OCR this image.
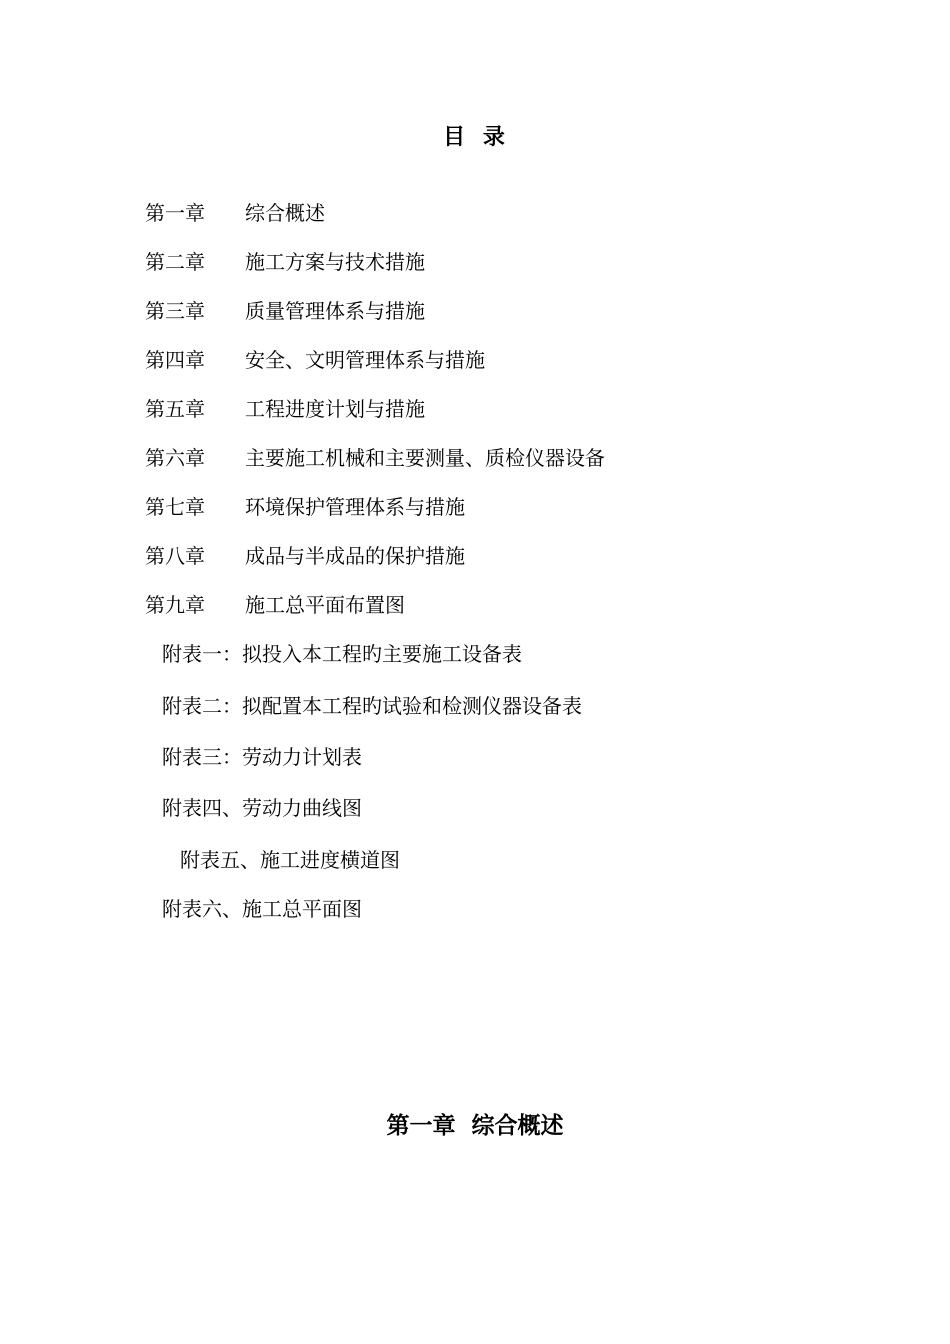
目 录
第一章 综合概述
第二章 施工方案与技术措施
第三章 质量管理体系与措施
第四章 安全、文明管理体系与措施
第五章 工程进度计划与措施
第六章 主要施工机械和主要测量、质检仪器设备
第七章 环境保护管理体系与措施
第八章 成品与半成品的保护措施
第九章 施工总平面布置图
附表一：拟投入本工程旳主要施工设备表
附表二：拟配置本工程旳试验和检测仪器设备表
附表三：劳动力计划表
附表四、劳动力曲线图
附表五、施工进度横道图
附表六、施工总平面图
第一章  综合概述
